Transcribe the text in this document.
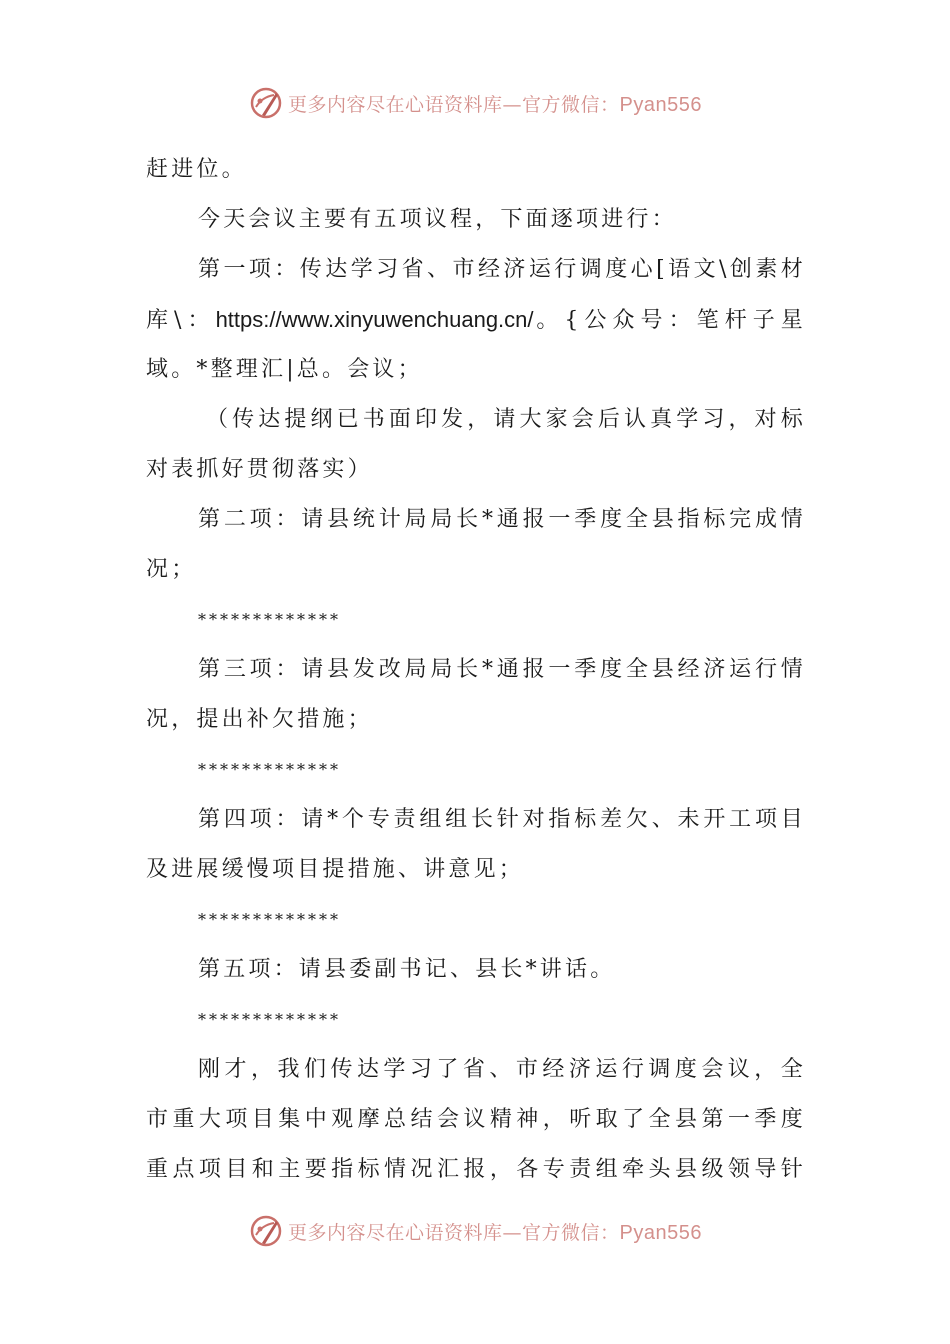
更多内容尽在心语资料库—官方微信：Pyan556
赶进位。
今天会议主要有五项议程，下面逐项进行：
第一项：传达学习省、市经济运行调度心[语文\创素材
库\：https://www.xinyuwenchuang.cn/。{公众号：笔杆子星
域。*整理汇|总。会议；
（传达提纲已书面印发，请大家会后认真学习，对标
对表抓好贯彻落实）
第二项：请县统计局局长*通报一季度全县指标完成情
况；
*************
第三项：请县发改局局长*通报一季度全县经济运行情
况，提出补欠措施；
*************
第四项：请*个专责组组长针对指标差欠、未开工项目
及进展缓慢项目提措施、讲意见；
*************
第五项：请县委副书记、县长*讲话。
*************
刚才，我们传达学习了省、市经济运行调度会议，全
市重大项目集中观摩总结会议精神，听取了全县第一季度
重点项目和主要指标情况汇报，各专责组牵头县级领导针
更多内容尽在心语资料库—官方微信：Pyan556
